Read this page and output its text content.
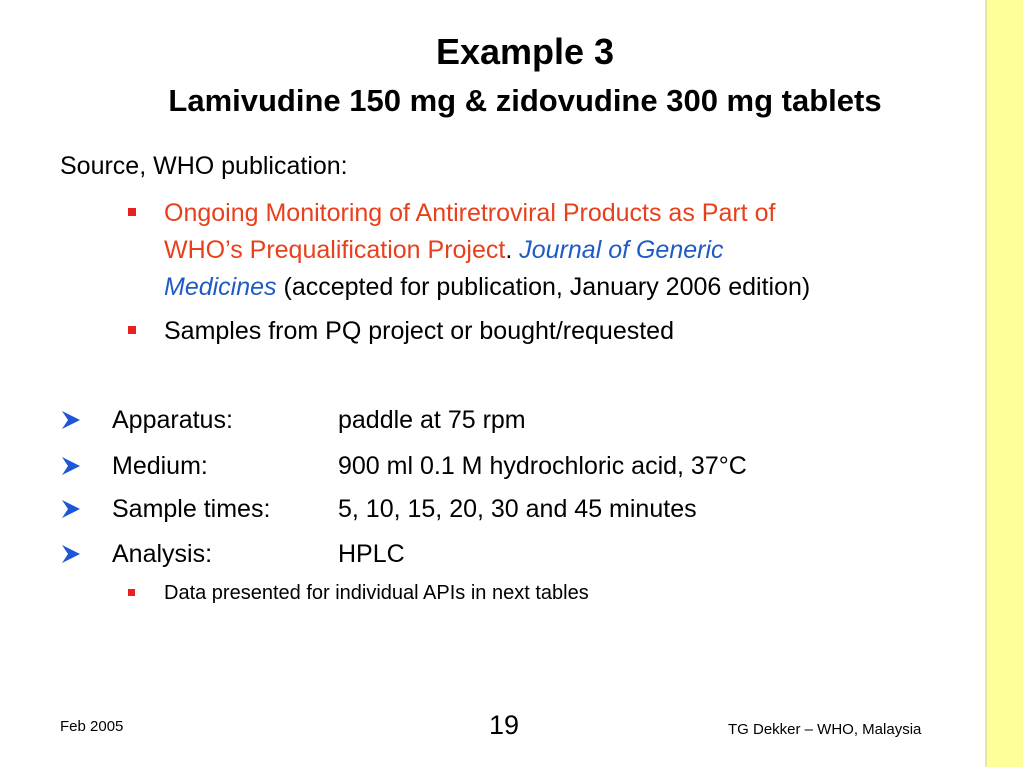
Example 3
Lamivudine 150 mg & zidovudine 300 mg tablets
Source, WHO publication:
Ongoing Monitoring of Antiretroviral Products as Part of
WHO’s Prequalification Project. Journal of Generic
Medicines (accepted for publication, January 2006 edition)
Samples from PQ project or bought/requested
Apparatus:	paddle at 75 rpm
Medium:	900 ml 0.1 M hydrochloric acid, 37°C
Sample times:	5, 10, 15, 20, 30 and 45 minutes
Analysis:	HPLC
Data presented for individual APIs in next tables
Feb 2005	19	TG Dekker – WHO, Malaysia
